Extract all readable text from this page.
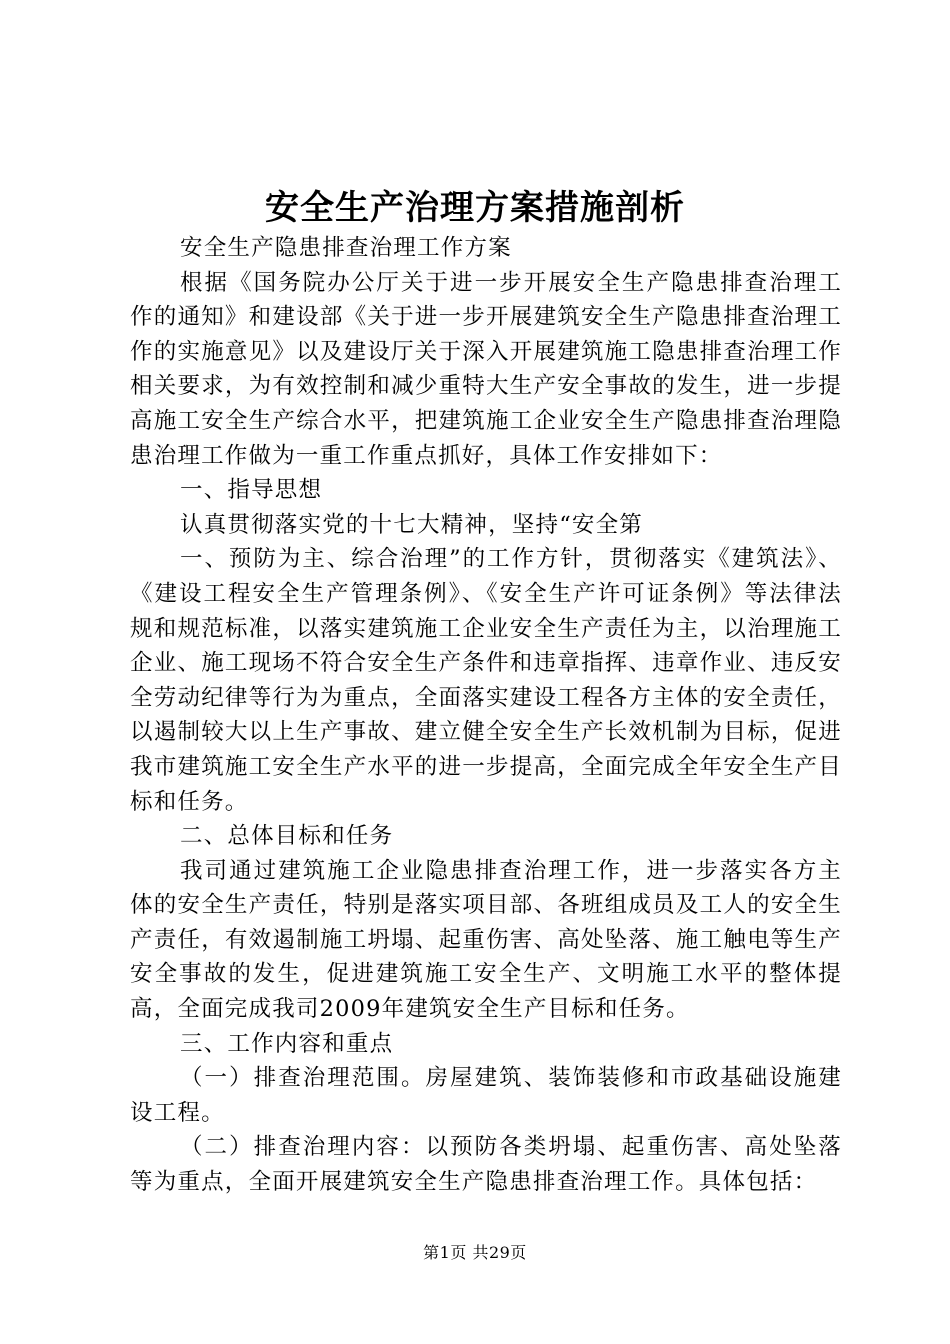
安全生产治理方案措施剖析

安全生产隐患排查治理工作方案

根据《国务院办公厅关于进一步开展安全生产隐患排查治理工作的通知》和建设部《关于进一步开展建筑安全生产隐患排查治理工作的实施意见》以及建设厅关于深入开展建筑施工隐患排查治理工作相关要求，为有效控制和减少重特大生产安全事故的发生，进一步提高施工安全生产综合水平，把建筑施工企业安全生产隐患排查治理隐患治理工作做为一重工作重点抓好，具体工作安排如下：

一、指导思想

认真贯彻落实党的十七大精神，坚持“安全第

一、预防为主、综合治理”的工作方针，贯彻落实《建筑法》、《建设工程安全生产管理条例》、《安全生产许可证条例》等法律法规和规范标准，以落实建筑施工企业安全生产责任为主，以治理施工企业、施工现场不符合安全生产条件和违章指挥、违章作业、违反安全劳动纪律等行为为重点，全面落实建设工程各方主体的安全责任，以遏制较大以上生产事故、建立健全安全生产长效机制为目标，促进我市建筑施工安全生产水平的进一步提高，全面完成全年安全生产目标和任务。

二、总体目标和任务

我司通过建筑施工企业隐患排查治理工作，进一步落实各方主体的安全生产责任，特别是落实项目部、各班组成员及工人的安全生产责任，有效遏制施工坍塌、起重伤害、高处坠落、施工触电等生产安全事故的发生，促进建筑施工安全生产、文明施工水平的整体提高，全面完成我司2009年建筑安全生产目标和任务。

三、工作内容和重点

（一）排查治理范围。房屋建筑、装饰装修和市政基础设施建设工程。

（二）排查治理内容：以预防各类坍塌、起重伤害、高处坠落等为重点，全面开展建筑安全生产隐患排查治理工作。具体包括：

第1页 共29页
